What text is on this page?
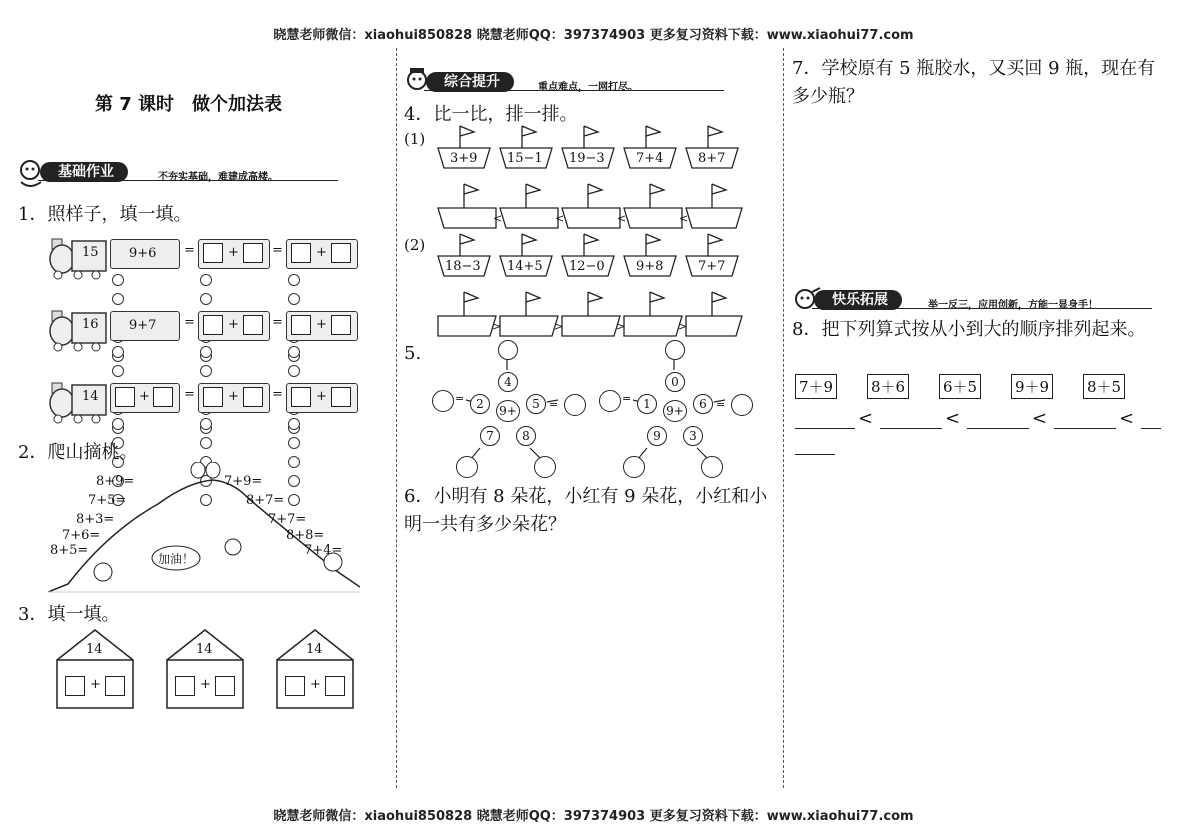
晓慧老师微信：xiaohui850828 晓慧老师QQ：397374903 更多复习资料下载：www.xiaohui77.com
晓慧老师微信：xiaohui850828 晓慧老师QQ：397374903 更多复习资料下载：www.xiaohui77.com
第 7 课时　做个加法表
基础作业	不夯实基础，难建成高楼。
1．照样子，填一填。
15 9+6 =	+	=	+
16 9+7 =	+	=	+
14	+	=	+	=	+
2．爬山摘桃。
8+9=
7+5=
8+3=
7+6=
8+5=
7+9=
8+7=
7+7=
8+8=
7+4=
加油！
3．填一填。
14
+
14
+
14
+
综合提升	重点难点，一网打尽。
4．比一比，排一排。
(1)
3+9 15−1 19−3 7+4	8+7
<	<	<	<
(2)
18−3 14+5 12−0 9+8	7+7
>	>	>	>
5.
4
2	5
9+
7	8
=	=
0
1	6
9+
9	3
=	=
6．小明有 8 朵花，小红有 9 朵花，小红和小明一共有多少朵花？
7．学校原有 5 瓶胶水，又买回 9 瓶，现在有多少瓶？
快乐拓展	举一反三，应用创新，方能一显身手！
8．把下列算式按从小到大的顺序排列起来。
7＋9	8＋6	6＋5	9＋9	8＋5
<	<	<	<
